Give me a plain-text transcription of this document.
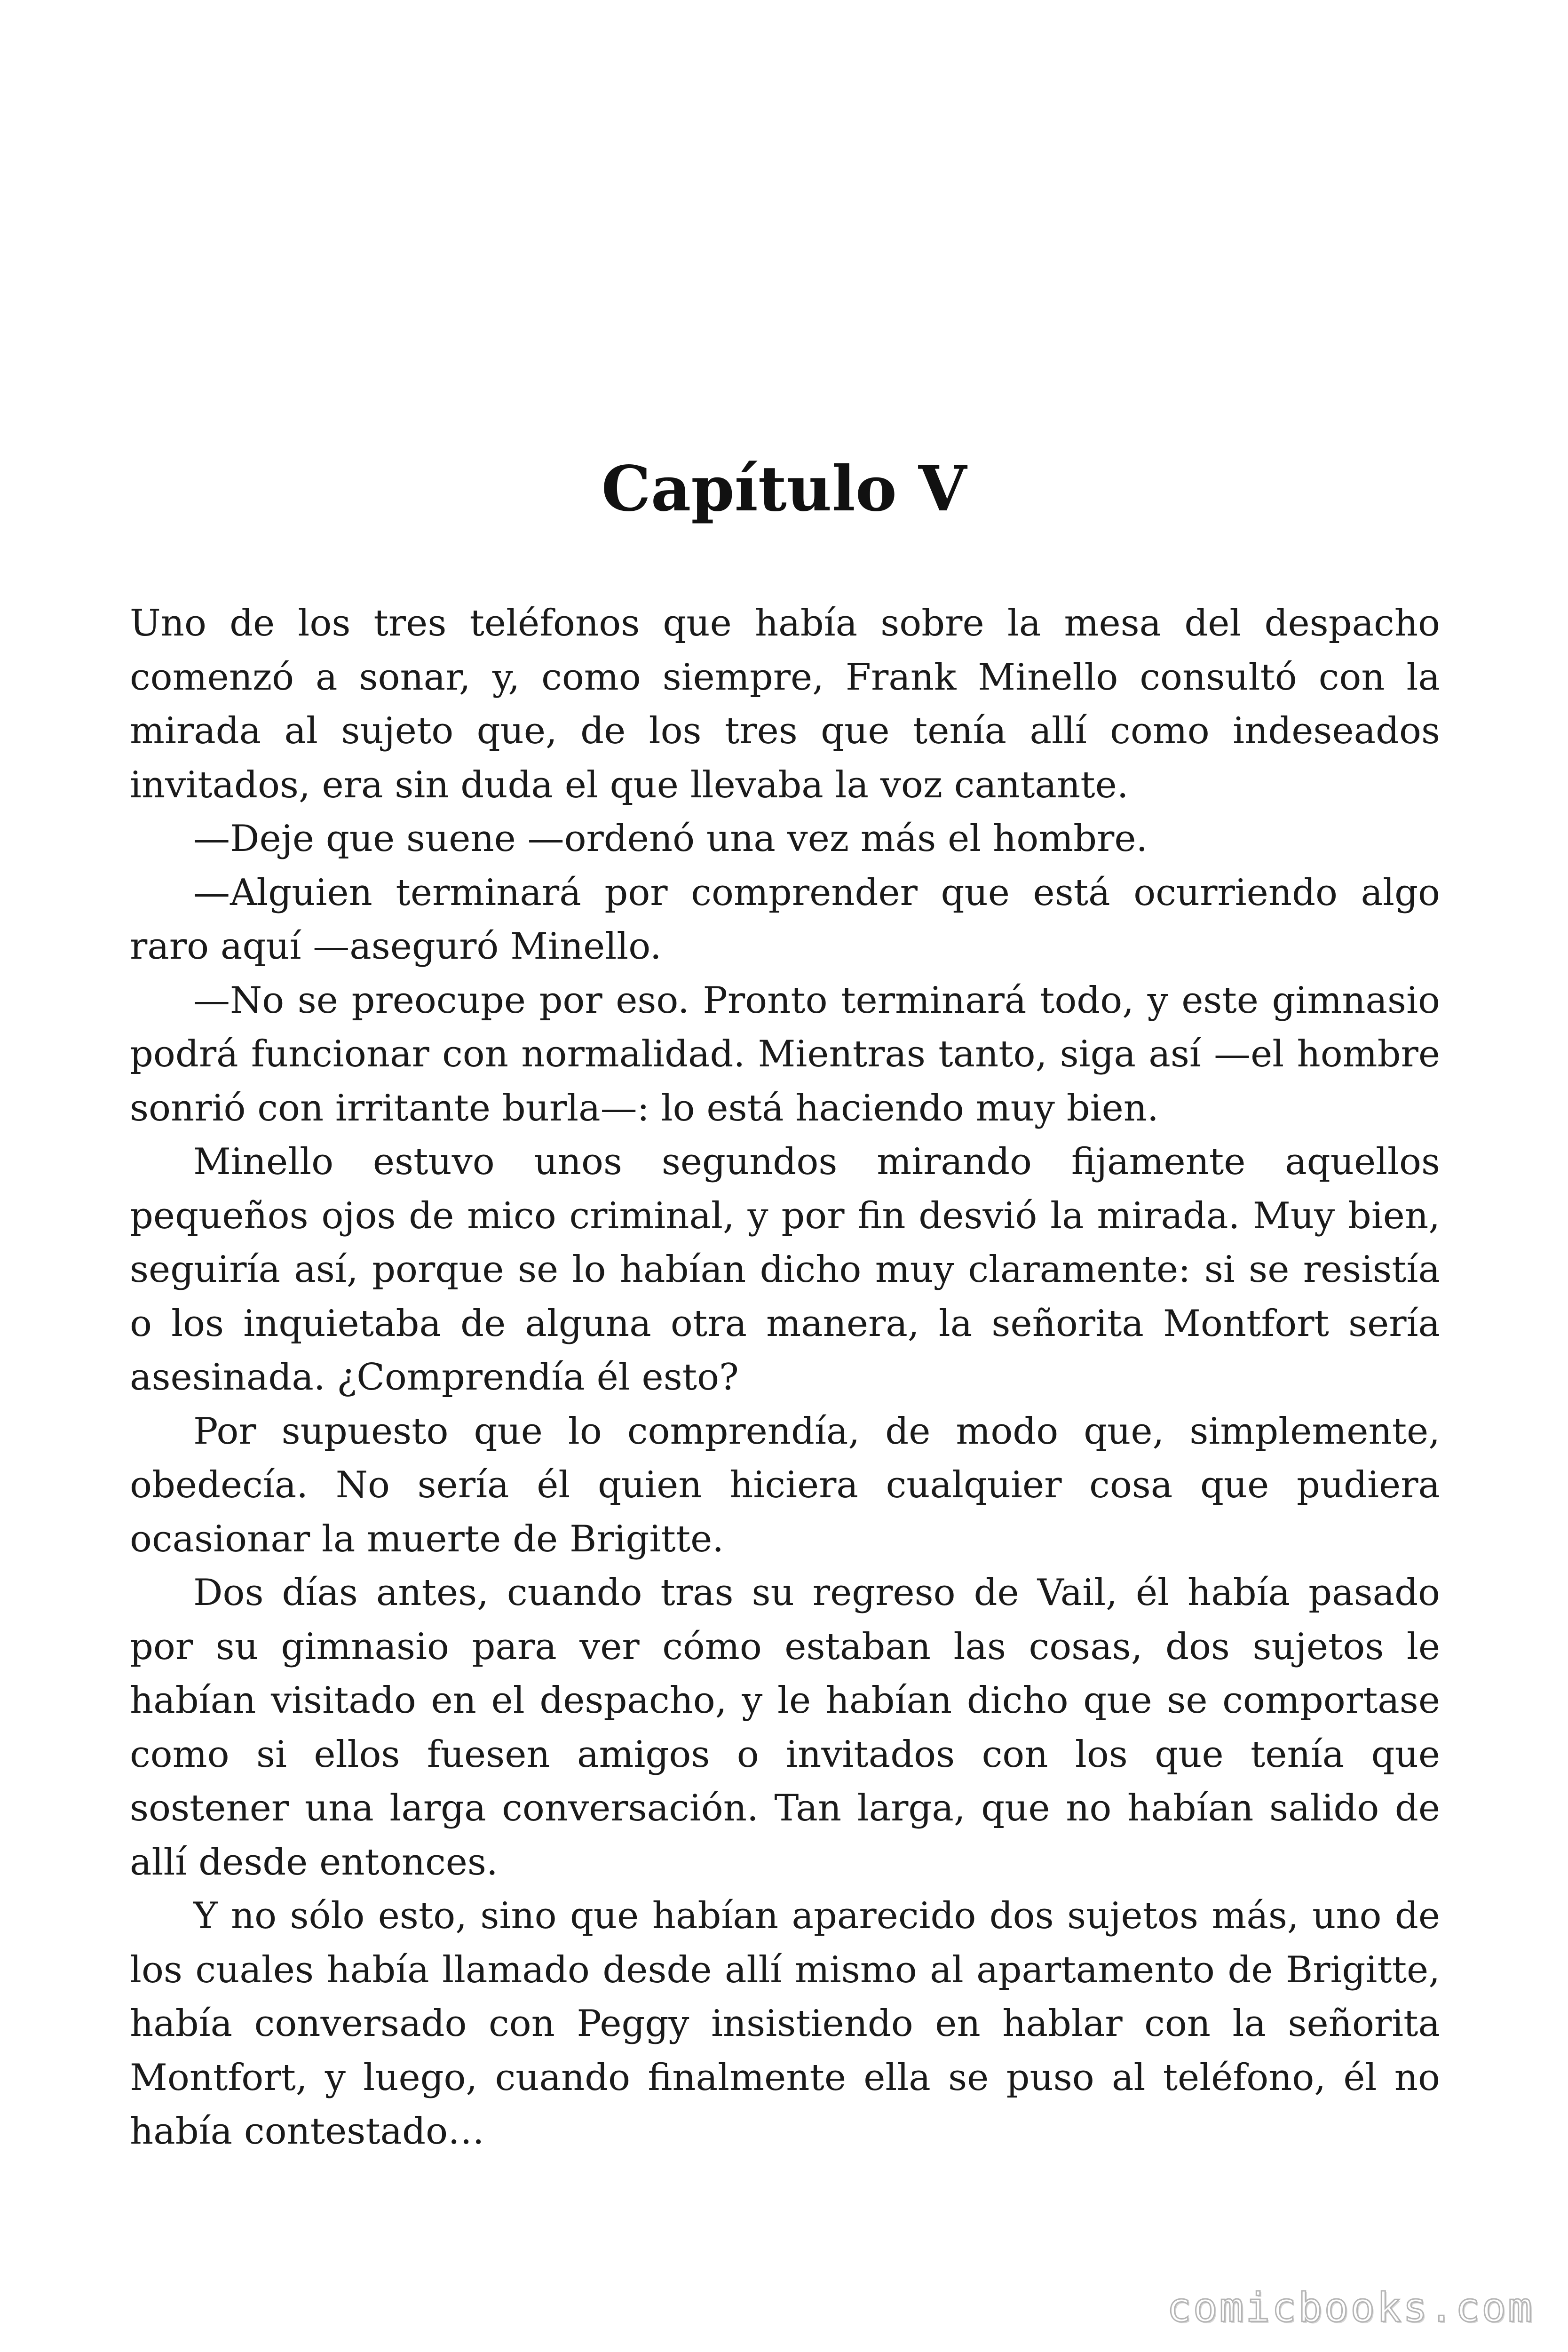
Capítulo V

Uno de los tres teléfonos que había sobre la mesa del despacho comenzó a sonar, y, como siempre, Frank Minello consultó con la mirada al sujeto que, de los tres que tenía allí como indeseados invitados, era sin duda el que llevaba la voz cantante.

—Deje que suene —ordenó una vez más el hombre.

—Alguien terminará por comprender que está ocurriendo algo raro aquí —aseguró Minello.

—No se preocupe por eso. Pronto terminará todo, y este gimnasio podrá funcionar con normalidad. Mientras tanto, siga así —el hombre sonrió con irritante burla—: lo está haciendo muy bien.

Minello estuvo unos segundos mirando fijamente aquellos pequeños ojos de mico criminal, y por fin desvió la mirada. Muy bien, seguiría así, porque se lo habían dicho muy claramente: si se resistía o los inquietaba de alguna otra manera, la señorita Montfort sería asesinada. ¿Comprendía él esto?

Por supuesto que lo comprendía, de modo que, simplemente, obedecía. No sería él quien hiciera cualquier cosa que pudiera ocasionar la muerte de Brigitte.

Dos días antes, cuando tras su regreso de Vail, él había pasado por su gimnasio para ver cómo estaban las cosas, dos sujetos le habían visitado en el despacho, y le habían dicho que se comportase como si ellos fuesen amigos o invitados con los que tenía que sostener una larga conversación. Tan larga, que no habían salido de allí desde entonces.

Y no sólo esto, sino que habían aparecido dos sujetos más, uno de los cuales había llamado desde allí mismo al apartamento de Brigitte, había conversado con Peggy insistiendo en hablar con la señorita Montfort, y luego, cuando finalmente ella se puso al teléfono, él no había contestado…

comicbooks.com
